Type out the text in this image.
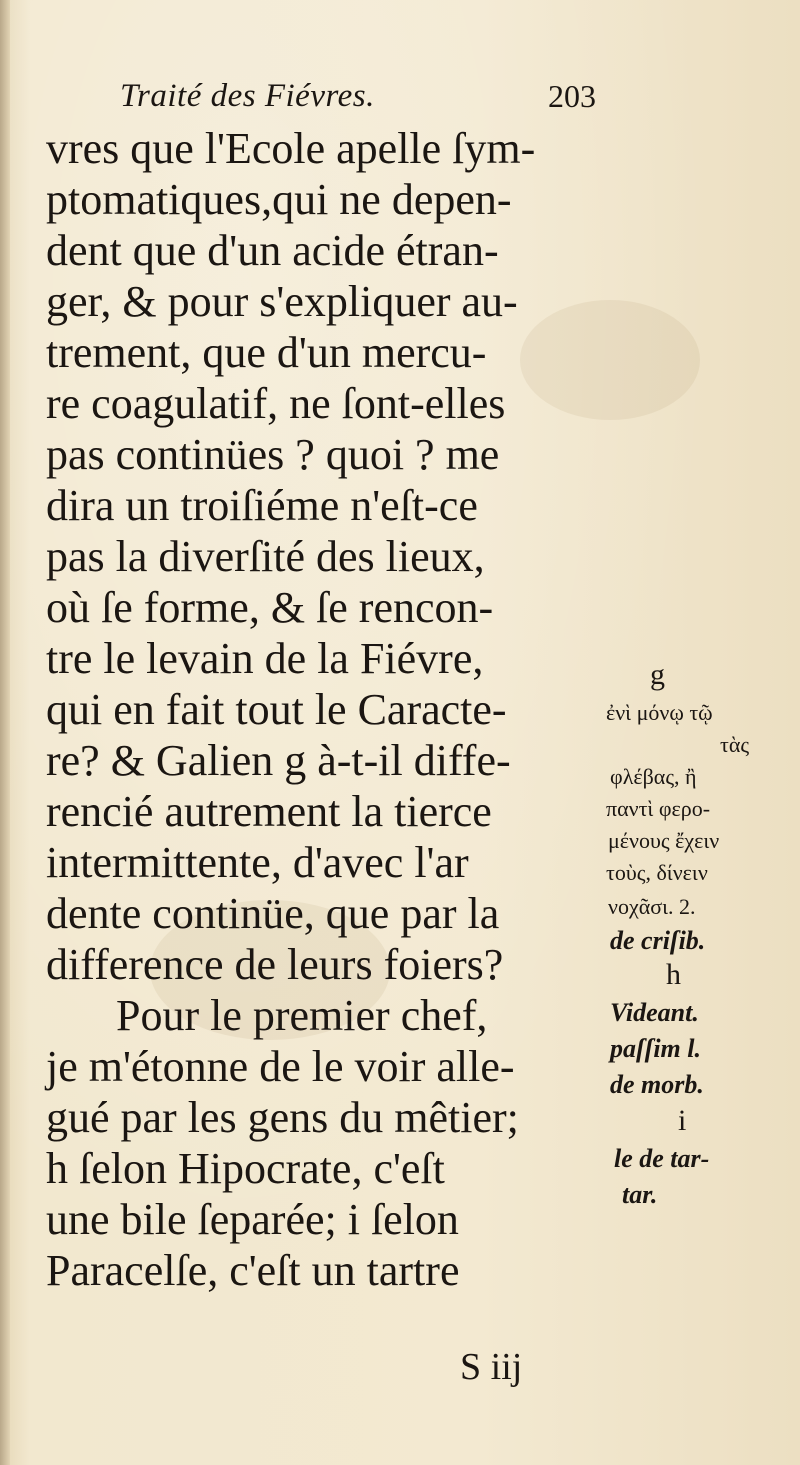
Traité des Fiévres.	203
vres que l'Ecole apelle ſym-
ptomatiques,qui ne depen-
dent que d'un acide étran-
ger, & pour s'expliquer au-
trement, que d'un mercu-
re coagulatif, ne ſont-elles
pas continües ? quoi ? me
dira un troiſiéme n'eſt-ce
pas la diverſité des lieux,
où ſe forme, & ſe rencon-
tre le levain de la Fiévre,
qui en fait tout le Caracte-
re? & Galien g à-t-il diffe-
rencié autrement la tierce
intermittente, d'avec l'ar
dente continüe, que par la
difference de leurs foiers?
Pour le premier chef,
je m'étonne de le voir alle-
gué par les gens du mêtier;
h ſelon Hipocrate, c'eſt
une bile ſeparée; i ſelon
Paracelſe, c'eſt un tartre
g
ἐνὶ μόνῳ τῷ
τὰς
φλέβας, ἢ
παντὶ φερο-
μένους ἔχειν
τοὺς, δίνειν
νοχᾶσι. 2.
de criſib.
h
Videant.
paſſim l.
de morb.
i
le de tar-
tar.
S iij
